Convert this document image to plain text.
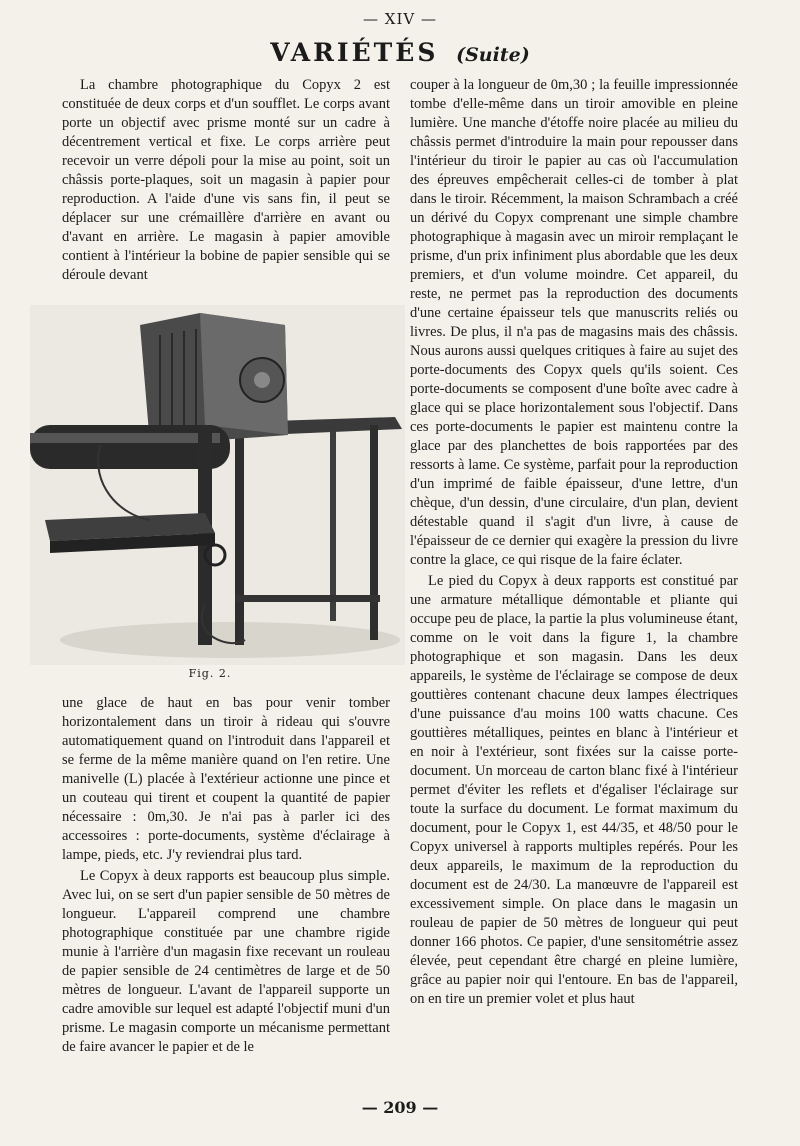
— XIV —
VARIÉTÉS (Suite)

La chambre photographique du Copyx 2 est constituée de deux corps et d'un soufflet. Le corps avant porte un objectif avec prisme monté sur un cadre à décentrement vertical et fixe. Le corps arrière peut recevoir un verre dépoli pour la mise au point, soit un châssis porte-plaques, soit un magasin à papier pour reproduction. A l'aide d'une vis sans fin, il peut se déplacer sur une crémaillère d'arrière en avant ou d'avant en arrière. Le magasin à papier amovible contient à l'intérieur la bobine de papier sensible qui se déroule devant

Fig. 2.

une glace de haut en bas pour venir tomber horizontalement dans un tiroir à rideau qui s'ouvre automatiquement quand on l'introduit dans l'appareil et se ferme de la même manière quand on l'en retire. Une manivelle (L) placée à l'extérieur actionne une pince et un couteau qui tirent et coupent la quantité de papier nécessaire : 0m,30. Je n'ai pas à parler ici des accessoires : porte-documents, système d'éclairage à lampe, pieds, etc. J'y reviendrai plus tard.

Le Copyx à deux rapports est beaucoup plus simple. Avec lui, on se sert d'un papier sensible de 50 mètres de longueur. L'appareil comprend une chambre photographique constituée par une chambre rigide munie à l'arrière d'un magasin fixe recevant un rouleau de papier sensible de 24 centimètres de large et de 50 mètres de longueur. L'avant de l'appareil supporte un cadre amovible sur lequel est adapté l'objectif muni d'un prisme. Le magasin comporte un mécanisme permettant de faire avancer le papier et de le

couper à la longueur de 0m,30 ; la feuille impressionnée tombe d'elle-même dans un tiroir amovible en pleine lumière. Une manche d'étoffe noire placée au milieu du châssis permet d'introduire la main pour repousser dans l'intérieur du tiroir le papier au cas où l'accumulation des épreuves empêcherait celles-ci de tomber à plat dans le tiroir. Récemment, la maison Schrambach a créé un dérivé du Copyx comprenant une simple chambre photographique à magasin avec un miroir remplaçant le prisme, d'un prix infiniment plus abordable que les deux premiers, et d'un volume moindre. Cet appareil, du reste, ne permet pas la reproduction des documents d'une certaine épaisseur tels que manuscrits reliés ou livres. De plus, il n'a pas de magasins mais des châssis. Nous aurons aussi quelques critiques à faire au sujet des porte-documents des Copyx quels qu'ils soient. Ces porte-documents se composent d'une boîte avec cadre à glace qui se place horizontalement sous l'objectif. Dans ces porte-documents le papier est maintenu contre la glace par des planchettes de bois rapportées par des ressorts à lame. Ce système, parfait pour la reproduction d'un imprimé de faible épaisseur, d'une lettre, d'un chèque, d'un dessin, d'une circulaire, d'un plan, devient détestable quand il s'agit d'un livre, à cause de l'épaisseur de ce dernier qui exagère la pression du livre contre la glace, ce qui risque de la faire éclater.

Le pied du Copyx à deux rapports est constitué par une armature métallique démontable et pliante qui occupe peu de place, la partie la plus volumineuse étant, comme on le voit dans la figure 1, la chambre photographique et son magasin. Dans les deux appareils, le système de l'éclairage se compose de deux gouttières contenant chacune deux lampes électriques d'une puissance d'au moins 100 watts chacune. Ces gouttières métalliques, peintes en blanc à l'intérieur et en noir à l'extérieur, sont fixées sur la caisse porte-document. Un morceau de carton blanc fixé à l'intérieur permet d'éviter les reflets et d'égaliser l'éclairage sur toute la surface du document. Le format maximum du document, pour le Copyx 1, est 44/35, et 48/50 pour le Copyx universel à rapports multiples repérés. Pour les deux appareils, le maximum de la reproduction du document est de 24/30. La manœuvre de l'appareil est excessivement simple. On place dans le magasin un rouleau de papier de 50 mètres de longueur qui peut donner 166 photos. Ce papier, d'une sensitométrie assez élevée, peut cependant être chargé en pleine lumière, grâce au papier noir qui l'entoure. En bas de l'appareil, on en tire un premier volet et plus haut

— 209 —
